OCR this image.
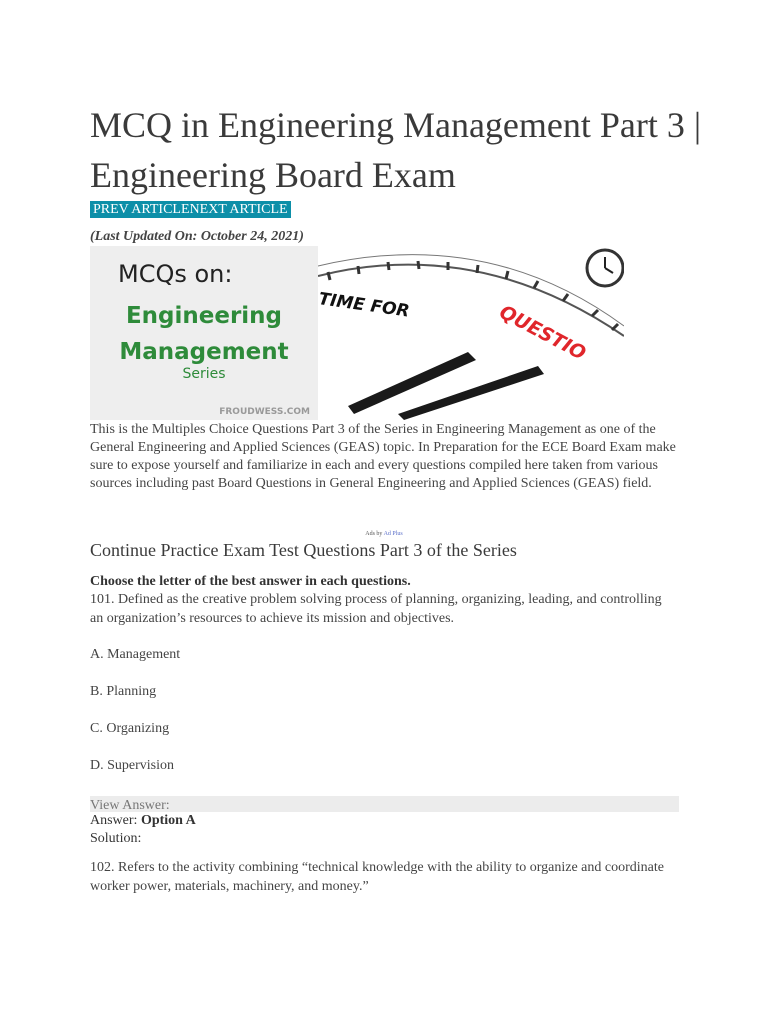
MCQ in Engineering Management Part 3 | Engineering Board Exam
PREV ARTICLE NEXT ARTICLE
(Last Updated On: October 24, 2021)
MCQs on:
Engineering
Management
Series
FROUDWESS.COM
TIME FOR	QUESTIO

This is the Multiples Choice Questions Part 3 of the Series in Engineering Management as one of the General Engineering and Applied Sciences (GEAS) topic. In Preparation for the ECE Board Exam make sure to expose yourself and familiarize in each and every questions compiled here taken from various sources including past Board Questions in General Engineering and Applied Sciences (GEAS) field.

Ads by Ad Plus
Continue Practice Exam Test Questions Part 3 of the Series
Choose the letter of the best answer in each questions.
101. Defined as the creative problem solving process of planning, organizing, leading, and controlling an organization’s resources to achieve its mission and objectives.
A. Management
B. Planning
C. Organizing
D. Supervision
View Answer:
Answer: Option A
Solution:
102. Refers to the activity combining “technical knowledge with the ability to organize and coordinate worker power, materials, machinery, and money.”
